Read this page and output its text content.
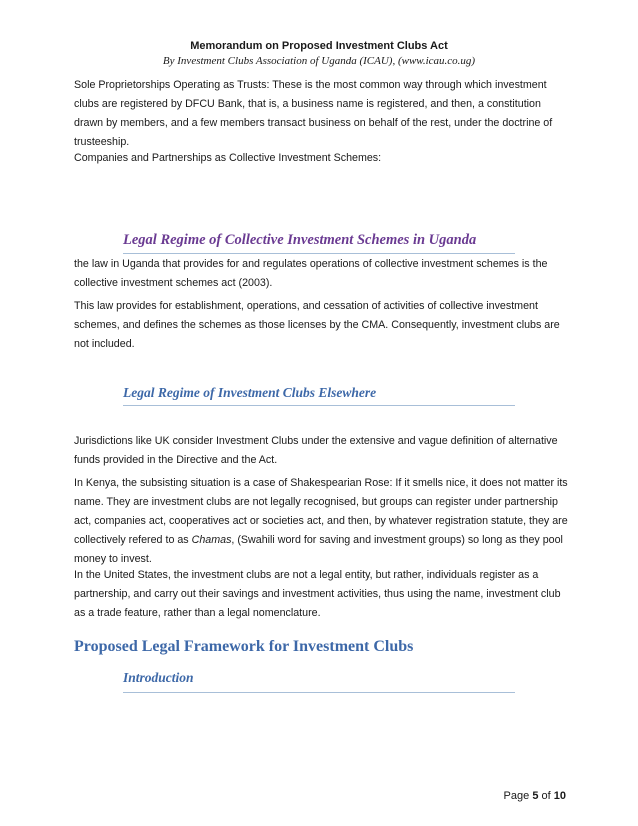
Memorandum on Proposed Investment Clubs Act
By Investment Clubs Association of Uganda (ICAU), (www.icau.co.ug)

Sole Proprietorships Operating as Trusts: These is the most common way through which investment clubs are registered by DFCU Bank, that is, a business name is registered, and then, a constitution drawn by members, and a few members transact business on behalf of the rest, under the doctrine of trusteeship.

Companies and Partnerships as Collective Investment Schemes:

Legal Regime of Collective Investment Schemes in Uganda

the law in Uganda that provides for and regulates operations of collective investment schemes is the collective investment schemes act (2003).

This law provides for establishment, operations, and cessation of activities of collective investment schemes, and defines the schemes as those licenses by the CMA. Consequently, investment clubs are not included.

Legal Regime of Investment Clubs Elsewhere

Jurisdictions like UK consider Investment Clubs under the extensive and vague definition of alternative funds provided in the Directive and the Act.

In Kenya, the subsisting situation is a case of Shakespearian Rose: If it smells nice, it does not matter its name. They are investment clubs are not legally recognised, but groups can register under partnership act, companies act, cooperatives act or societies act, and then, by whatever registration statute, they are collectively refered to as Chamas, (Swahili word for saving and investment groups) so long as they pool money to invest.

In the United States, the investment clubs are not a legal entity, but rather, individuals register as a partnership, and carry out their savings and investment activities, thus using the name, investment club as a trade feature, rather than a legal nomenclature.

Proposed Legal Framework for Investment Clubs
Introduction
Page 5 of 10
